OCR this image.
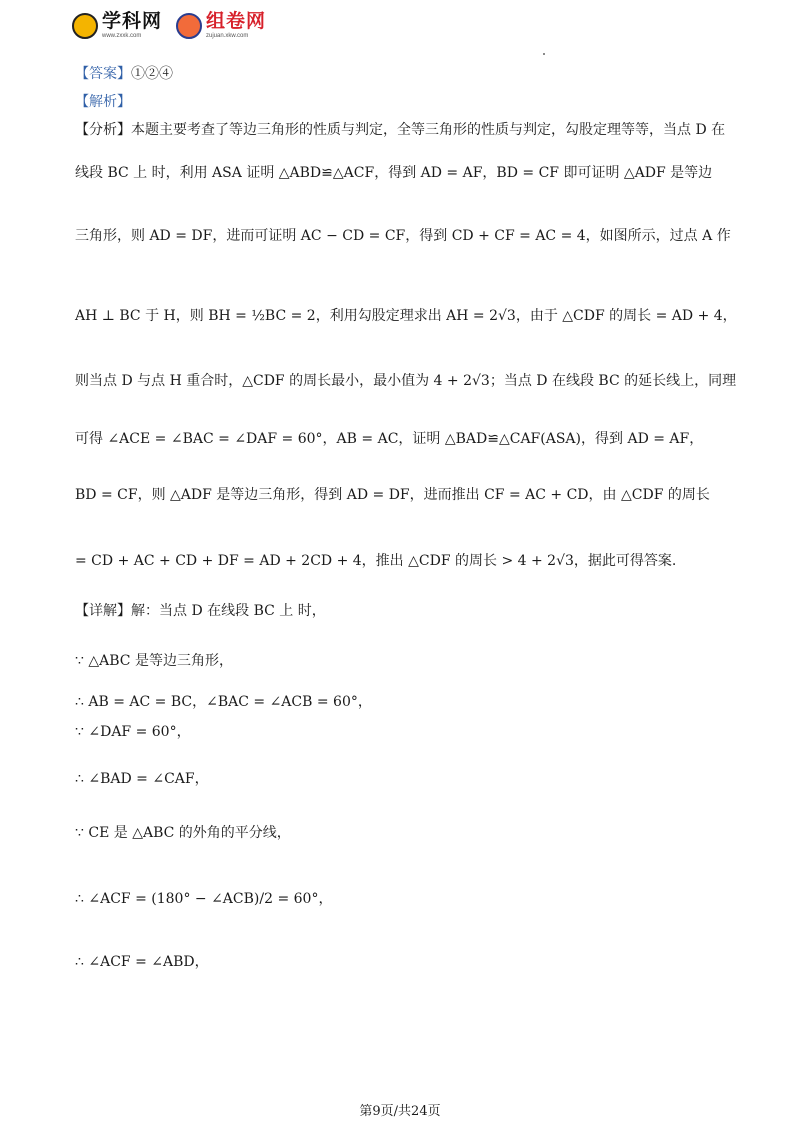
学科网
www.zxxk.com
组卷网
zujuan.xkw.com
【答案】①②④
【解析】
【分析】本题主要考查了等边三角形的性质与判定，全等三角形的性质与判定，勾股定理等等，当点 D 在
线段 BC 上 时，利用 ASA 证明 △ABD≌△ACF，得到 AD = AF，BD = CF 即可证明 △ADF 是等边
三角形，则 AD = DF，进而可证明 AC − CD = CF，得到 CD + CF = AC = 4，如图所示，过点 A 作
AH ⊥ BC 于 H，则 BH = ½BC = 2，利用勾股定理求出 AH = 2√3，由于 △CDF 的周长 = AD + 4，
则当点 D 与点 H 重合时，△CDF 的周长最小，最小值为 4 + 2√3；当点 D 在线段 BC 的延长线上，同理
可得 ∠ACE = ∠BAC = ∠DAF = 60°，AB = AC，证明 △BAD≌△CAF(ASA)，得到 AD = AF，
BD = CF，则 △ADF 是等边三角形，得到 AD = DF，进而推出 CF = AC + CD，由 △CDF 的周长
= CD + AC + CD + DF = AD + 2CD + 4，推出 △CDF 的周长 > 4 + 2√3，据此可得答案.
【详解】解：当点 D 在线段 BC 上 时，
∵ △ABC 是等边三角形，
∴ AB = AC = BC，∠BAC = ∠ACB = 60°，
∵ ∠DAF = 60°，
∴ ∠BAD = ∠CAF，
∵ CE 是 △ABC 的外角的平分线，
∴ ∠ACF = (180° − ∠ACB)/2 = 60°，
∴ ∠ACF = ∠ABD，
第9页/共24页
